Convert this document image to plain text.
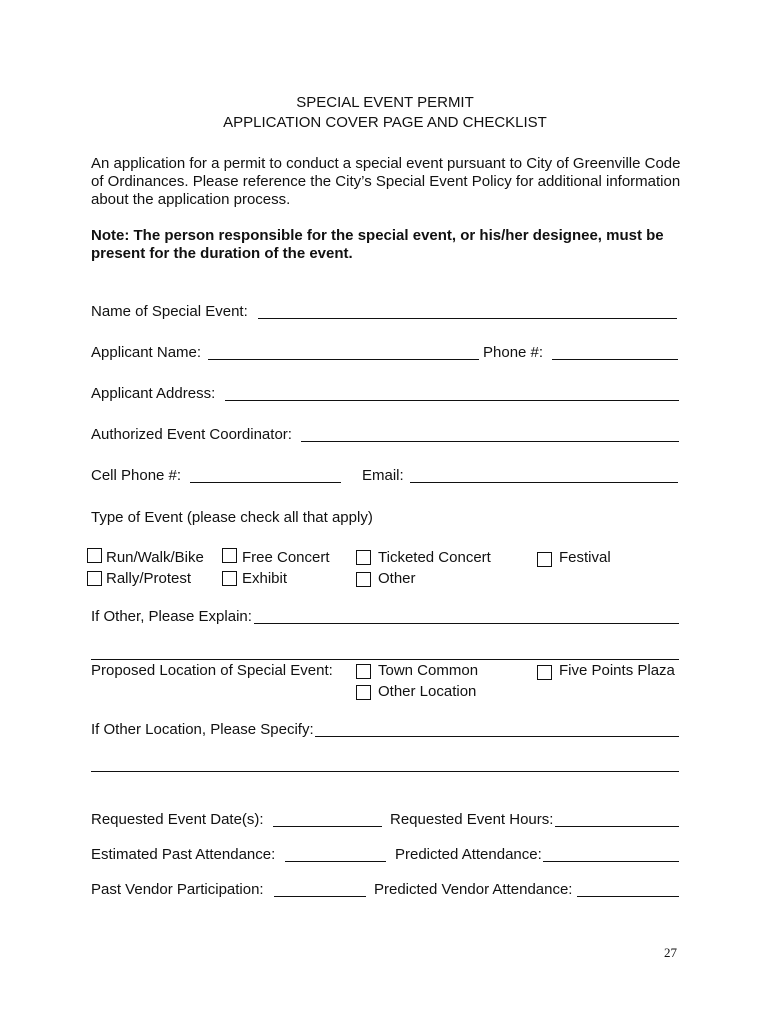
SPECIAL EVENT PERMIT
APPLICATION COVER PAGE AND CHECKLIST
An application for a permit to conduct a special event pursuant to City of Greenville Code of Ordinances. Please reference the City’s Special Event Policy for additional information about the application process.
Note: The person responsible for the special event, or his/her designee, must be present for the duration of the event.
Name of Special Event:
Applicant Name:	Phone #:
Applicant Address:
Authorized Event Coordinator:
Cell Phone #:	Email:
Type of Event (please check all that apply)
Run/Walk/Bike	Free Concert	Ticketed Concert	Festival
Rally/Protest	Exhibit	Other
If Other, Please Explain:
Proposed Location of Special Event:	Town Common	Five Points Plaza
Other Location
If Other Location, Please Specify:
Requested Event Date(s):	Requested Event Hours:
Estimated Past Attendance:	Predicted Attendance:
Past Vendor Participation:	Predicted Vendor Attendance:
27
